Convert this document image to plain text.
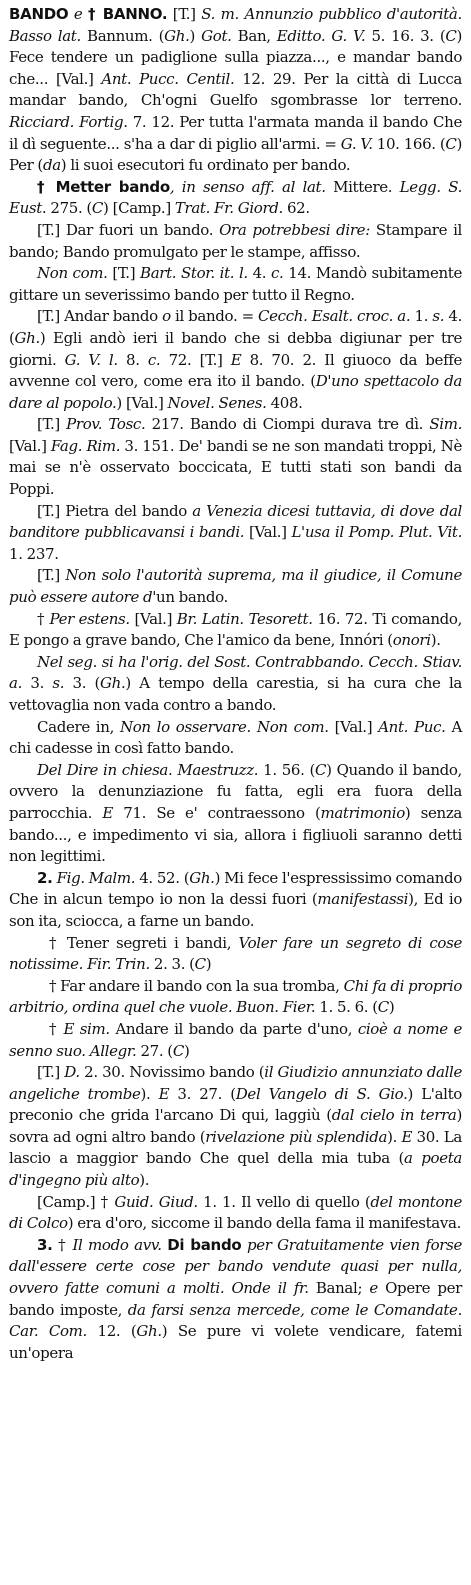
BANDO e † BANNO. [T.] S. m. Annunzio pubblico d'autorità. Basso lat. Bannum. (Gh.) Got. Ban, Editto. G. V. 5. 16. 3. (C) Fece tendere un padiglione sulla piazza..., e mandar bando che... [Val.] Ant. Pucc. Centil. 12. 29. Per la città di Lucca mandar bando, Ch'ogni Guelfo sgombrasse lor terreno. Ricciard. Fortig. 7. 12. Per tutta l'armata manda il bando Che il dì seguente... s'ha a dar di piglio all'armi. = G. V. 10. 166. (C) Per (da) li suoi esecutori fu ordinato per bando.

† Metter bando, in senso aff. al lat. Mittere. Legg. S. Eust. 275. (C) [Camp.] Trat. Fr. Giord. 62.

[T.] Dar fuori un bando. Ora potrebbesi dire: Stampare il bando; Bando promulgato per le stampe, affisso.

Non com. [T.] Bart. Stor. it. l. 4. c. 14. Mandò subitamente gittare un severissimo bando per tutto il Regno.

[T.] Andar bando o il bando. = Cecch. Esalt. croc. a. 1. s. 4. (Gh.) Egli andò ieri il bando che si debba digiunar per tre giorni. G. V. l. 8. c. 72. [T.] E 8. 70. 2. Il giuoco da beffe avvenne col vero, come era ito il bando. (D'uno spettacolo da dare al popolo.) [Val.] Novel. Senes. 408.

[T.] Prov. Tosc. 217. Bando di Ciompi durava tre dì. Sim. [Val.] Fag. Rim. 3. 151. De' bandi se ne son mandati troppi, Nè mai se n'è osservato boccicata, E tutti stati son bandi da Poppi.

[T.] Pietra del bando a Venezia dicesi tuttavia, di dove dal banditore pubblicavansi i bandi. [Val.] L'usa il Pomp. Plut. Vit. 1. 237.

[T.] Non solo l'autorità suprema, ma il giudice, il Comune può essere autore d'un bando.

† Per estens. [Val.] Br. Latin. Tesorett. 16. 72. Ti comando, E pongo a grave bando, Che l'amico da bene, Innóri (onori).

Nel seg. si ha l'orig. del Sost. Contrabbando. Cecch. Stiav. a. 3. s. 3. (Gh.) A tempo della carestia, si ha cura che la vettovaglia non vada contro a bando.

Cadere in, Non lo osservare. Non com. [Val.] Ant. Puc. A chi cadesse in così fatto bando.

Del Dire in chiesa. Maestruzz. 1. 56. (C) Quando il bando, ovvero la denunziazione fu fatta, egli era fuora della parrocchia. E 71. Se e' contraessono (matrimonio) senza bando..., e impedimento vi sia, allora i figliuoli saranno detti non legittimi.

2. Fig. Malm. 4. 52. (Gh.) Mi fece l'espressissimo comando Che in alcun tempo io non la dessi fuori (manifestassi), Ed io son ita, sciocca, a farne un bando.

† Tener segreti i bandi, Voler fare un segreto di cose notissime. Fir. Trin. 2. 3. (C)

† Far andare il bando con la sua tromba, Chi fa di proprio arbitrio, ordina quel che vuole. Buon. Fier. 1. 5. 6. (C)

† E sim. Andare il bando da parte d'uno, cioè a nome e senno suo. Allegr. 27. (C)

[T.] D. 2. 30. Novissimo bando (il Giudizio annunziato dalle angeliche trombe). E 3. 27. (Del Vangelo di S. Gio.) L'alto preconio che grida l'arcano Di qui, laggiù (dal cielo in terra) sovra ad ogni altro bando (rivelazione più splendida). E 30. La lascio a maggior bando Che quel della mia tuba (a poeta d'ingegno più alto).

[Camp.] † Guid. Giud. 1. 1. Il vello di quello (del montone di Colco) era d'oro, siccome il bando della fama il manifestava.

3. † Il modo avv. Di bando per Gratuitamente vien forse dall'essere certe cose per bando vendute quasi per nulla, ovvero fatte comuni a molti. Onde il fr. Banal; e Opere per bando imposte, da farsi senza mercede, come le Comandate. Car. Com. 12. (Gh.) Se pure vi volete vendicare, fatemi un'opera
